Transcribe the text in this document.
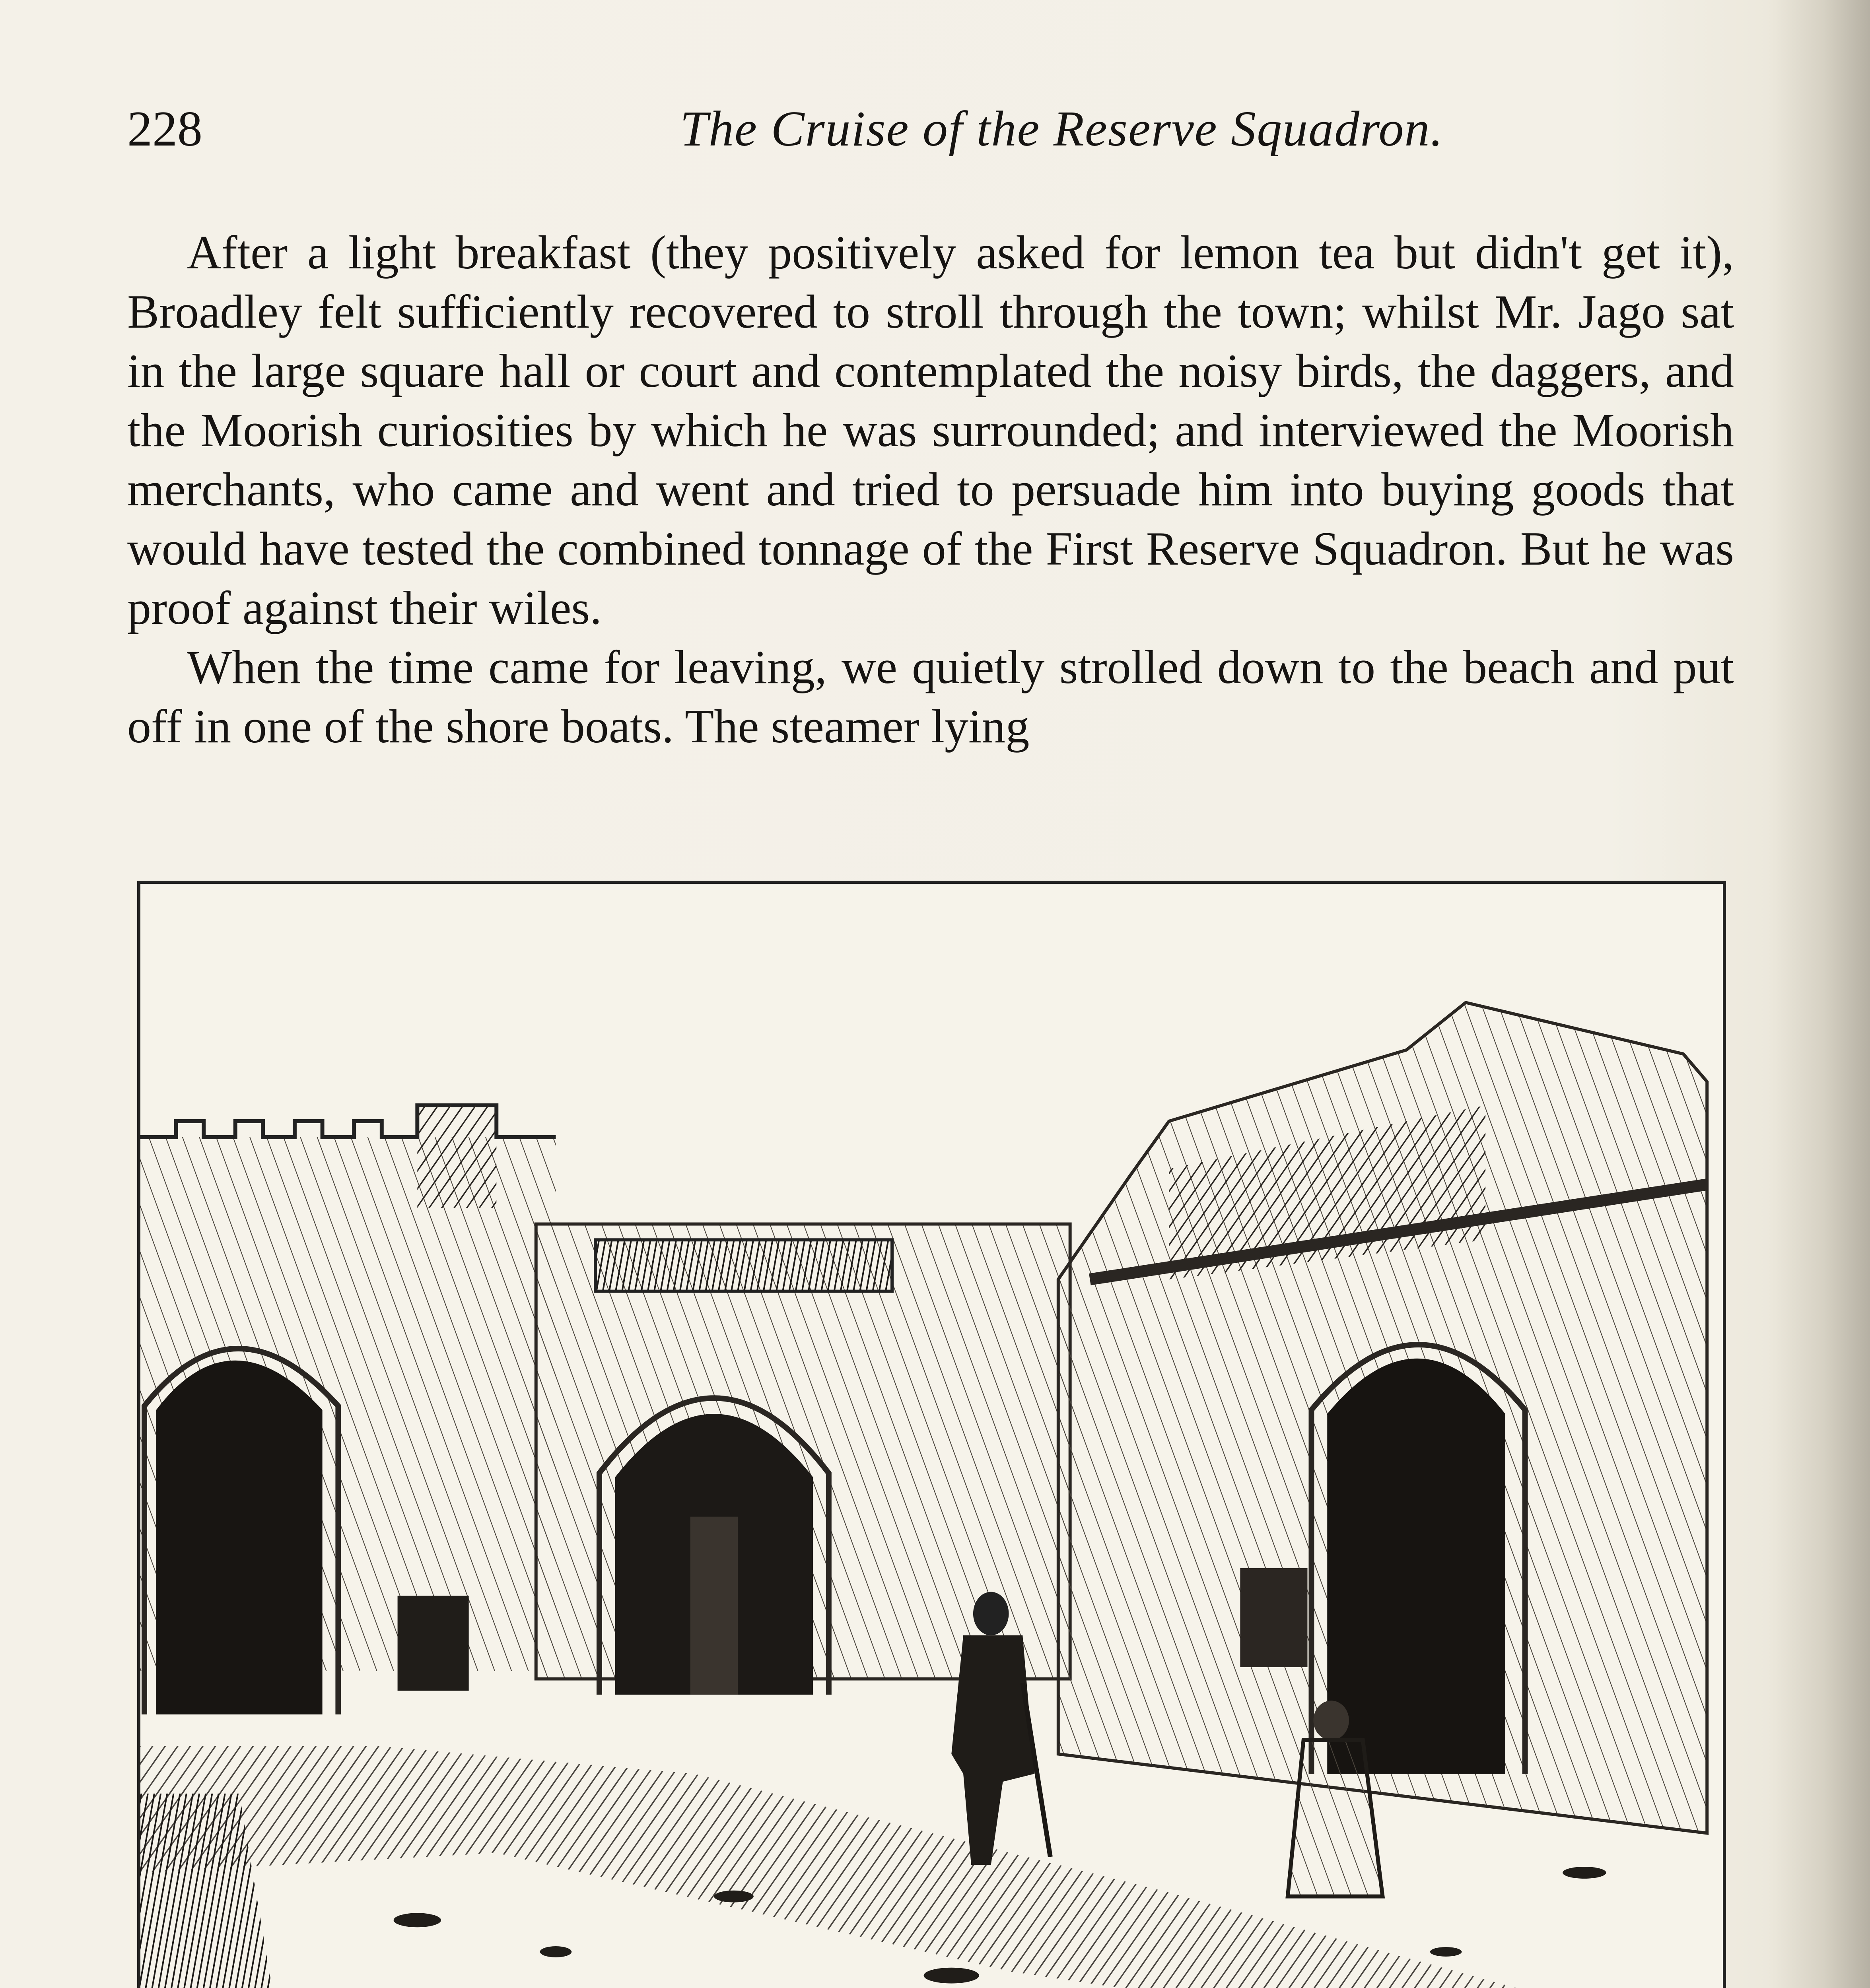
228	The Cruise of the Reserve Squadron.

After a light breakfast (they positively asked for lemon tea but didn't get it), Broadley felt sufficiently recovered to stroll through the town; whilst Mr. Jago sat in the large square hall or court and contemplated the noisy birds, the daggers, and the Moorish curiosities by which he was surrounded; and interviewed the Moorish merchants, who came and went and tried to persuade him into buying goods that would have tested the combined tonnage of the First Reserve Squadron. But he was proof against their wiles.

When the time came for leaving, we quietly strolled down to the beach and put off in one of the shore boats. The steamer lying
